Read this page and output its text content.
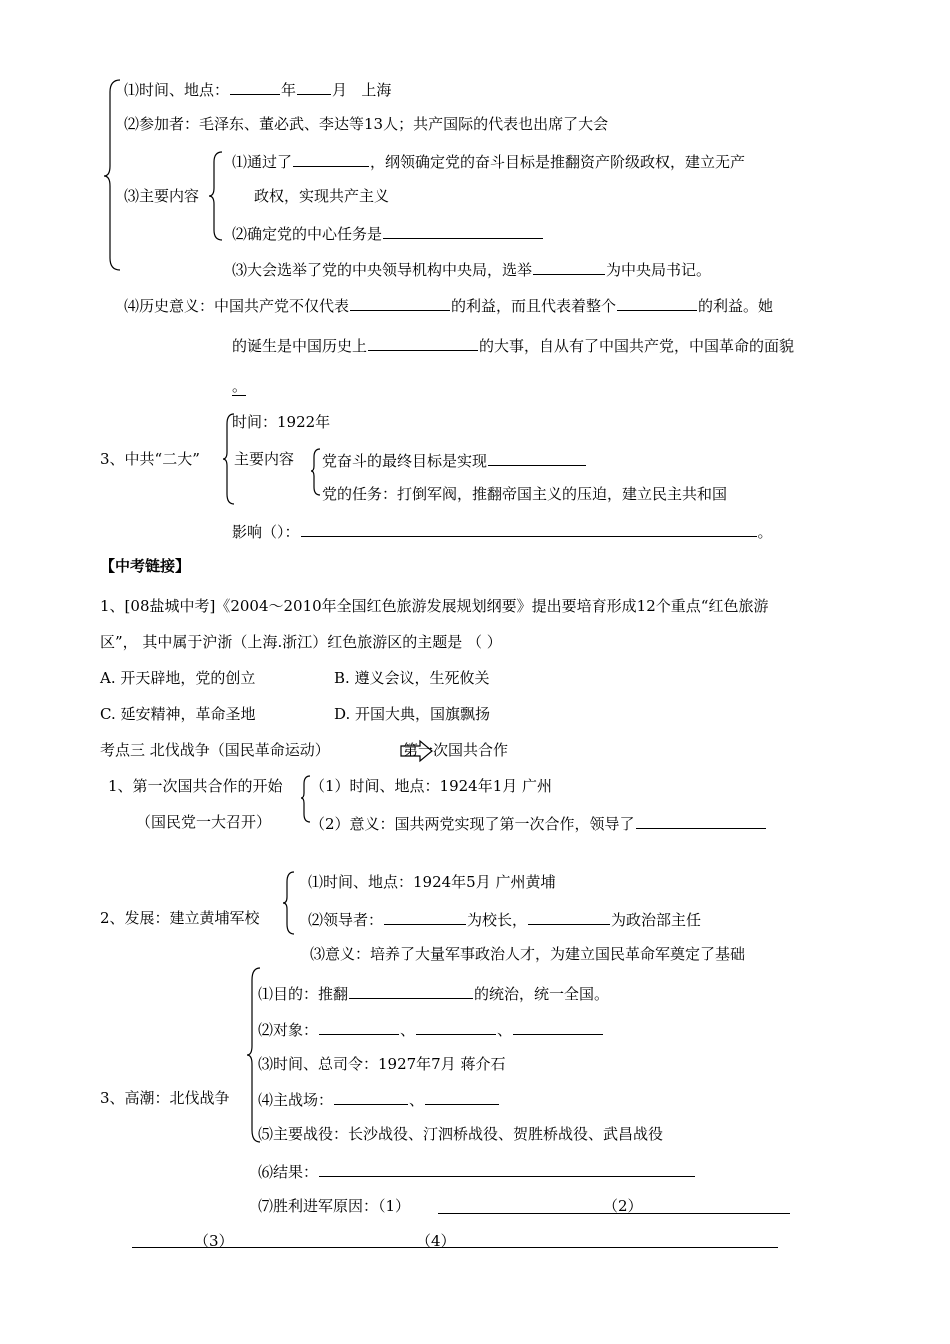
⑴时间、地点：	年 月 上海
⑵参加者：毛泽东、董必武、李达等13人；共产国际的代表也出席了大会
⑶主要内容
⑴通过了	，纲领确定党的奋斗目标是推翻资产阶级政权，建立无产
政权，实现共产主义
⑵确定党的中心任务是
⑶大会选举了党的中央领导机构中央局，选举	为中央局书记。
⑷历史意义：中国共产党不仅代表	的利益，而且代表着整个	的利益。她
的诞生是中国历史上	的大事，自从有了中国共产党，中国革命的面貌
。
3、中共“二大”
时间：1922年
主要内容 党奋斗的最终目标是实现
党的任务：打倒军阀，推翻帝国主义的压迫，建立民主共和国
影响（）：	。
【中考链接】
1、[08盐城中考]《2004～2010年全国红色旅游发展规划纲要》提出要培育形成12个重点“红色旅游
区”， 其中属于沪浙（上海.浙江）红色旅游区的主题是 （ ）
A. 开天辟地，党的创立	B. 遵义会议，生死攸关
C. 延安精神，革命圣地	D. 开国大典，国旗飘扬
考点三 北伐战争（国民革命运动）	第一次国共合作
1、第一次国共合作的开始
（国民党一大召开）
（1）时间、地点：1924年1月 广州
（2）意义：国共两党实现了第一次合作，领导了
2、发展：建立黄埔军校
⑴时间、地点：1924年5月 广州黄埔
⑵领导者：	为校长，	为政治部主任
⑶意义：培养了大量军事政治人才，为建立国民革命军奠定了基础
3、高潮：北伐战争
⑴目的：推翻	的统治，统一全国。
⑵对象：	、	、
⑶时间、总司令：1927年7月 蒋介石
⑷主战场：	、
⑸主要战役：长沙战役、汀泗桥战役、贺胜桥战役、武昌战役
⑹结果：
⑺胜利进军原因：（1）	（2）
（3）	（4）
